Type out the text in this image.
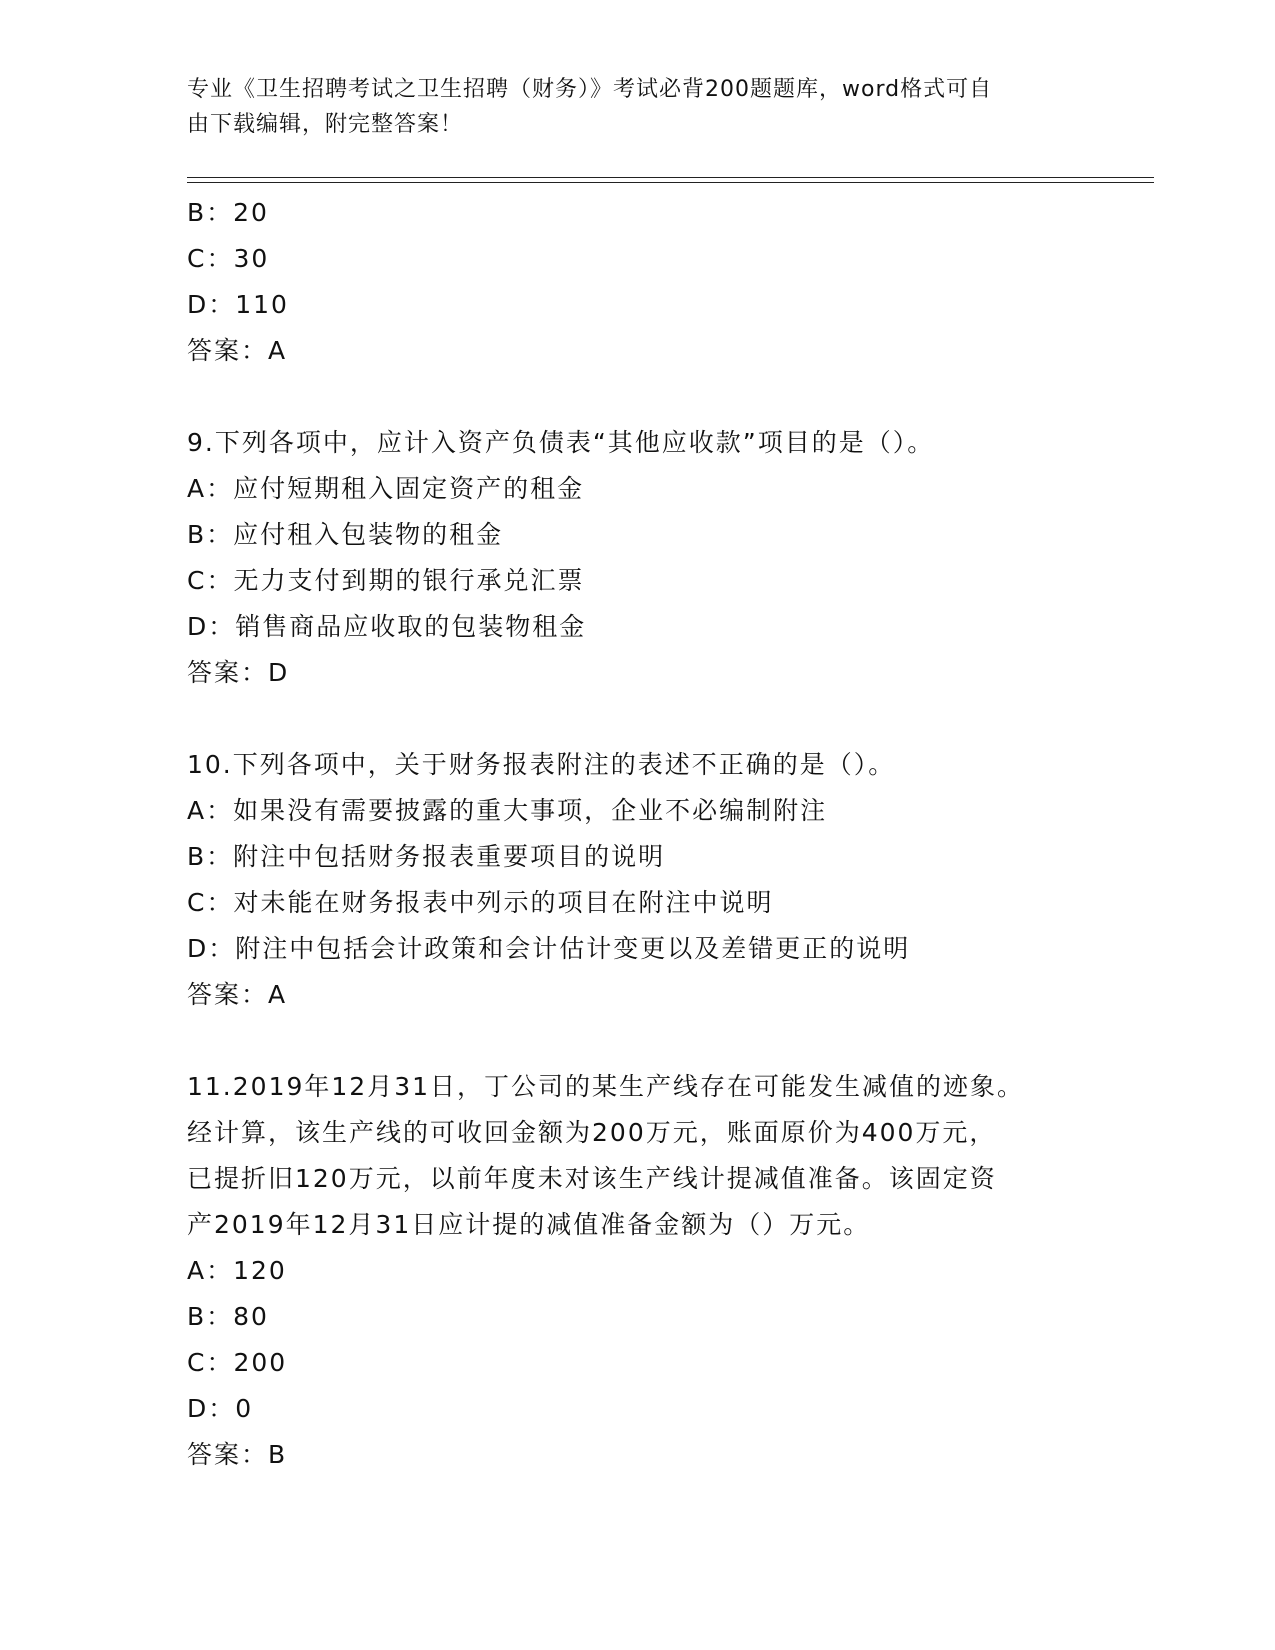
专业《卫生招聘考试之卫生招聘（财务）》考试必背200题题库，word格式可自
由下载编辑，附完整答案！
B：20
C：30
D：110
答案：A
9.下列各项中，应计入资产负债表“其他应收款”项目的是（）。
A：应付短期租入固定资产的租金
B：应付租入包装物的租金
C：无力支付到期的银行承兑汇票
D：销售商品应收取的包装物租金
答案：D
10.下列各项中，关于财务报表附注的表述不正确的是（）。
A：如果没有需要披露的重大事项，企业不必编制附注
B：附注中包括财务报表重要项目的说明
C：对未能在财务报表中列示的项目在附注中说明
D：附注中包括会计政策和会计估计变更以及差错更正的说明
答案：A
11.2019年12月31日，丁公司的某生产线存在可能发生减值的迹象。
经计算，该生产线的可收回金额为200万元，账面原价为400万元，
已提折旧120万元，以前年度未对该生产线计提减值准备。该固定资
产2019年12月31日应计提的减值准备金额为（）万元。
A：120
B：80
C：200
D：0
答案：B
